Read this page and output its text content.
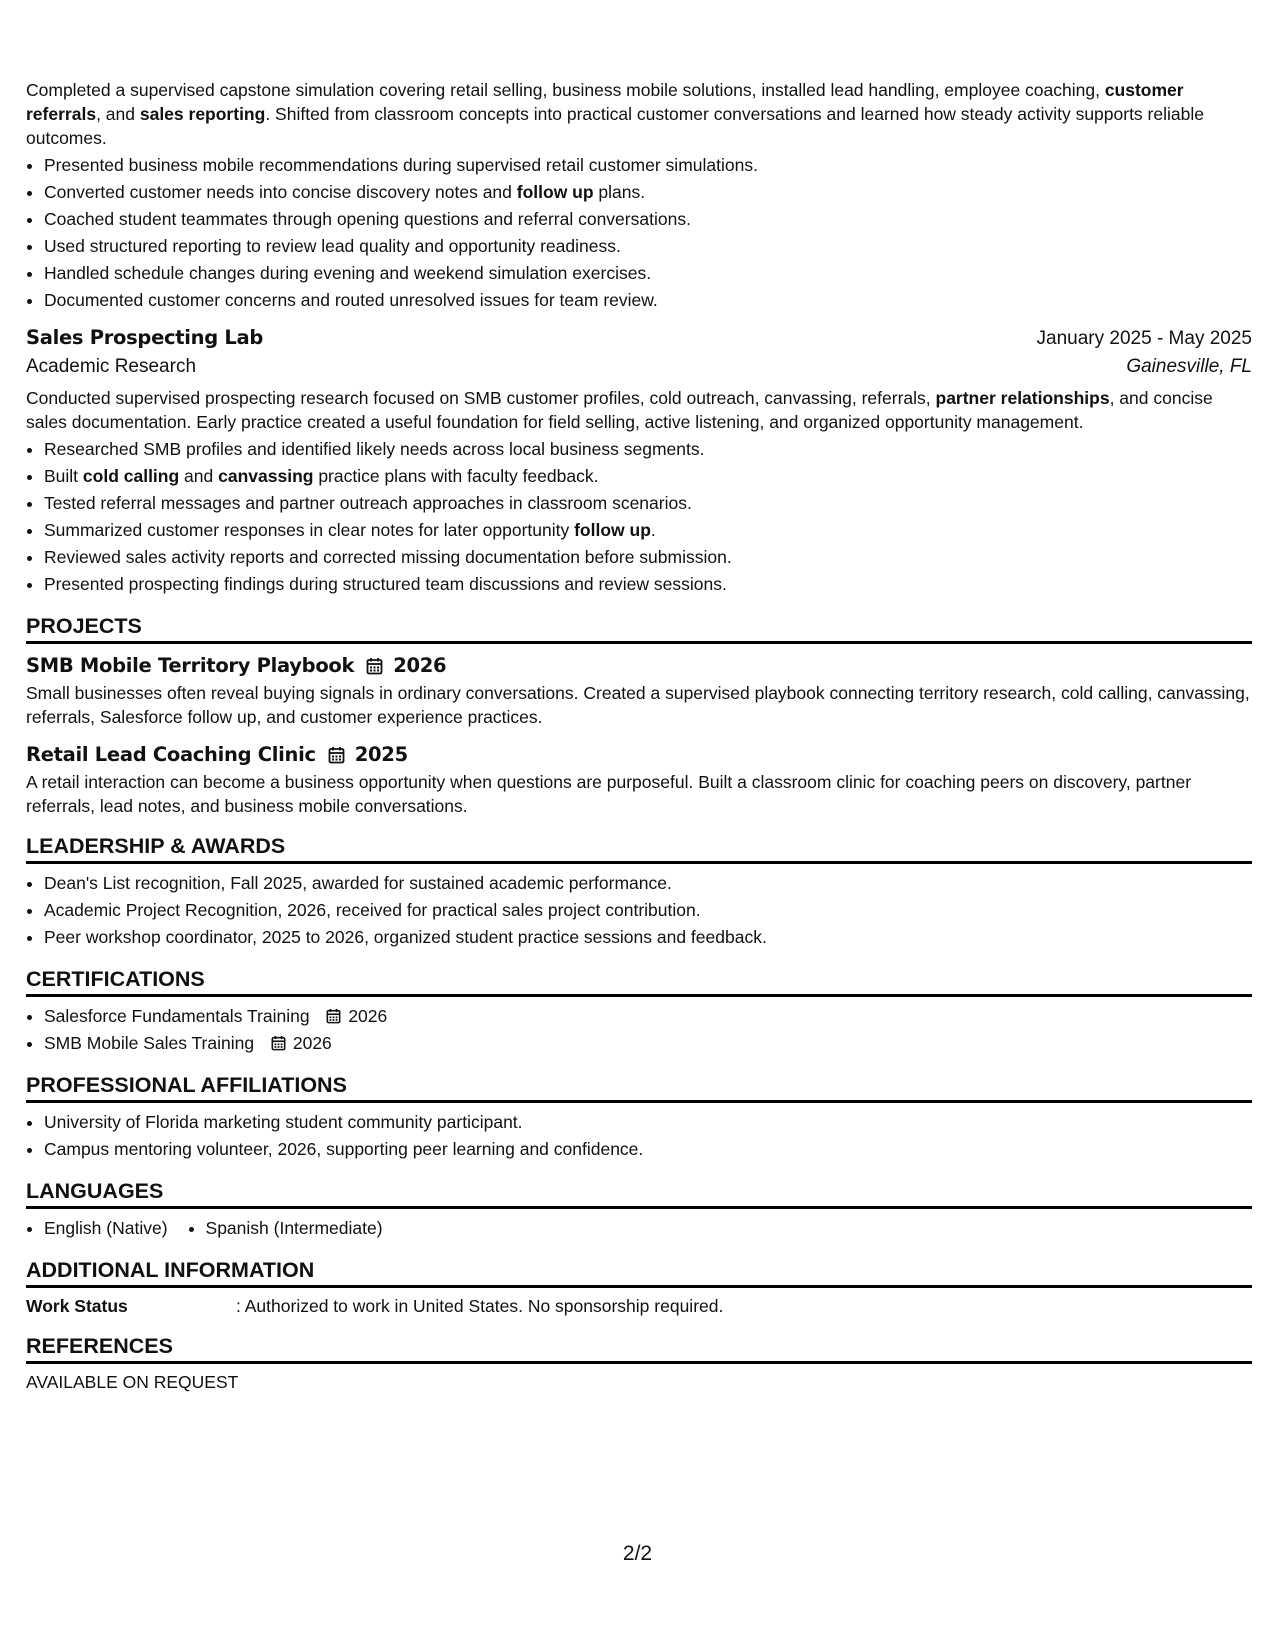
Completed a supervised capstone simulation covering retail selling, business mobile solutions, installed lead handling, employee coaching, customer referrals, and sales reporting. Shifted from classroom concepts into practical customer conversations and learned how steady activity supports reliable outcomes.

• Presented business mobile recommendations during supervised retail customer simulations.
• Converted customer needs into concise discovery notes and follow up plans.
• Coached student teammates through opening questions and referral conversations.
• Used structured reporting to review lead quality and opportunity readiness.
• Handled schedule changes during evening and weekend simulation exercises.
• Documented customer concerns and routed unresolved issues for team review.
Sales Prospecting Lab	January 2025 - May 2025
Academic Research	Gainesville, FL

Conducted supervised prospecting research focused on SMB customer profiles, cold outreach, canvassing, referrals, partner relationships, and concise sales documentation. Early practice created a useful foundation for field selling, active listening, and organized opportunity management.

• Researched SMB profiles and identified likely needs across local business segments.
• Built cold calling and canvassing practice plans with faculty feedback.
• Tested referral messages and partner outreach approaches in classroom scenarios.
• Summarized customer responses in clear notes for later opportunity follow up.
• Reviewed sales activity reports and corrected missing documentation before submission.
• Presented prospecting findings during structured team discussions and review sessions.
PROJECTS
SMB Mobile Territory Playbook 2026

Small businesses often reveal buying signals in ordinary conversations. Created a supervised playbook connecting territory research, cold calling, canvassing, referrals, Salesforce follow up, and customer experience practices.

Retail Lead Coaching Clinic 2025

A retail interaction can become a business opportunity when questions are purposeful. Built a classroom clinic for coaching peers on discovery, partner referrals, lead notes, and business mobile conversations.

LEADERSHIP & AWARDS
• Dean's List recognition, Fall 2025, awarded for sustained academic performance.
• Academic Project Recognition, 2026, received for practical sales project contribution.
• Peer workshop coordinator, 2025 to 2026, organized student practice sessions and feedback.
CERTIFICATIONS
• Salesforce Fundamentals Training 2026
• SMB Mobile Sales Training 2026
PROFESSIONAL AFFILIATIONS
• University of Florida marketing student community participant.
• Campus mentoring volunteer, 2026, supporting peer learning and confidence.
LANGUAGES
• English (Native)
• Spanish (Intermediate)
ADDITIONAL INFORMATION
Work Status	: Authorized to work in United States. No sponsorship required.
REFERENCES

AVAILABLE ON REQUEST

2/2
